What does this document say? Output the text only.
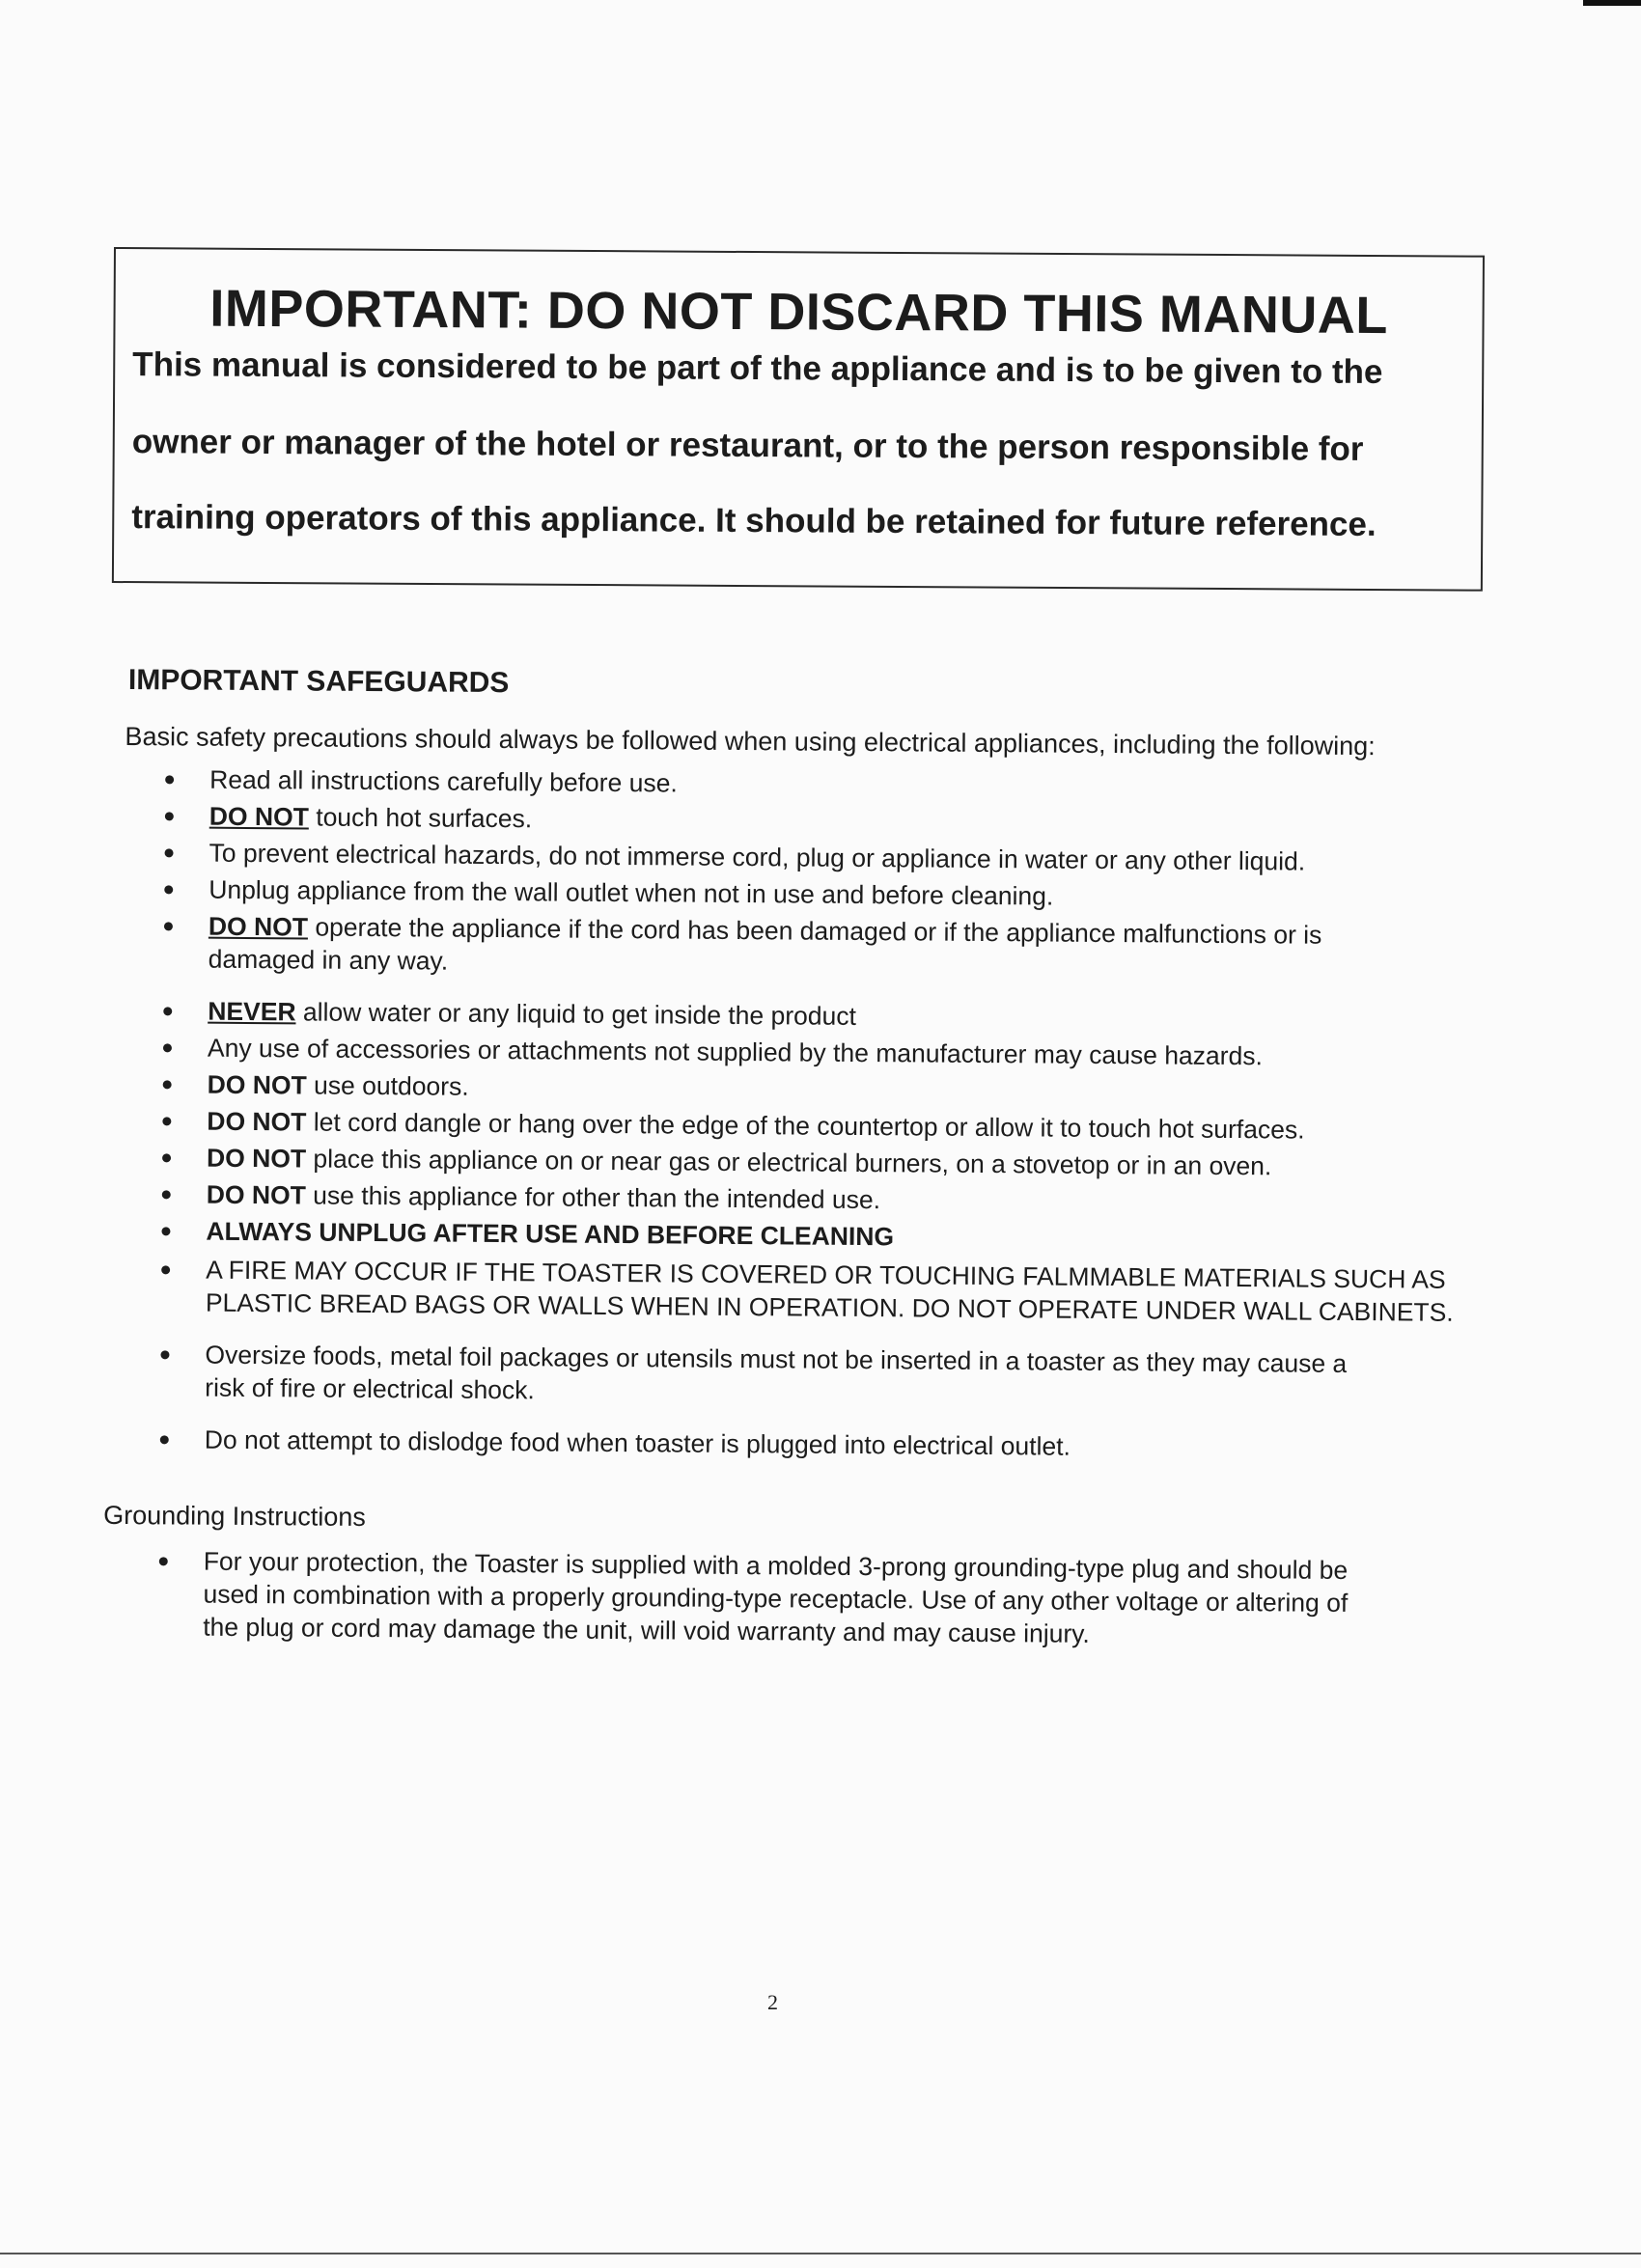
IMPORTANT: DO NOT DISCARD THIS MANUAL
This manual is considered to be part of the appliance and is to be given to the
owner or manager of the hotel or restaurant, or to the person responsible for
training operators of this appliance. It should be retained for future reference.
IMPORTANT SAFEGUARDS
Basic safety precautions should always be followed when using electrical appliances, including the following:
Read all instructions carefully before use.
DO NOT touch hot surfaces.
To prevent electrical hazards, do not immerse cord, plug or appliance in water or any other liquid.
Unplug appliance from the wall outlet when not in use and before cleaning.
DO NOT operate the appliance if the cord has been damaged or if the appliance malfunctions or is
damaged in any way.
NEVER allow water or any liquid to get inside the product
Any use of accessories or attachments not supplied by the manufacturer may cause hazards.
DO NOT use outdoors.
DO NOT let cord dangle or hang over the edge of the countertop or allow it to touch hot surfaces.
DO NOT place this appliance on or near gas or electrical burners, on a stovetop or in an oven.
DO NOT use this appliance for other than the intended use.
ALWAYS UNPLUG AFTER USE AND BEFORE CLEANING
A FIRE MAY OCCUR IF THE TOASTER IS COVERED OR TOUCHING FALMMABLE MATERIALS SUCH AS
PLASTIC BREAD BAGS OR WALLS WHEN IN OPERATION. DO NOT OPERATE UNDER WALL CABINETS.
Oversize foods, metal foil packages or utensils must not be inserted in a toaster as they may cause a
risk of fire or electrical shock.
Do not attempt to dislodge food when toaster is plugged into electrical outlet.
Grounding Instructions
For your protection, the Toaster is supplied with a molded 3-prong grounding-type plug and should be
used in combination with a properly grounding-type receptacle. Use of any other voltage or altering of
the plug or cord may damage the unit, will void warranty and may cause injury.
2
